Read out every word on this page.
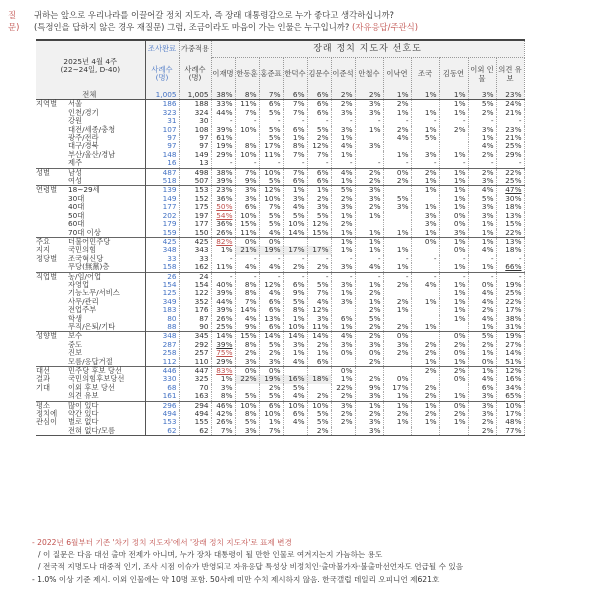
질문)
귀하는 앞으로 우리나라를 이끌어갈 정치 지도자, 즉 장래 대통령감으로 누가 좋다고 생각하십니까?
(특정인을 답하지 않은 경우 재질문) 그럼, 조금이라도 마음이 가는 인물은 누구입니까? (자유응답/주관식)
2025년 4월 4주
(22~24일, D-40)		조사완료	가중적용	장래 정치 지도자 선호도											
		사례수
(명)	사례수
(명)	이재명	한동훈	홍준표	한덕수	김문수	이준석	안철수	이낙연	조국	김동연	이외 인물	의견 유보
전체		1,005	1,005	38%	8%	7%	6%	6%	2%	2%	1%	1%	1%	3%	23%
지역별	서울	186	188	33%	11%	6%	7%	6%	2%	3%	2%		1%	5%	24%
	인천/경기	323	324	44%	7%	5%	7%	6%	3%	3%	1%	1%	1%	2%	21%
	강원	31	30	-	-	-	-	-	-	-	-	-	-	-	-
	대전/세종/충청	107	108	39%	10%	5%	6%	5%	3%	1%	2%	1%	2%	3%	23%
	광주/전라	97	97	61%		5%	1%	2%	1%		4%	5%		1%	21%
	대구/경북	97	97	19%	8%	17%	8%	12%	4%	3%				4%	25%
	부산/울산/경남	148	149	29%	10%	11%	7%	7%	1%		1%	3%	1%	2%	29%
	제주	16	13	-	-	-	-	-	-	-	-	-	-	-	-
성별	남성	487	498	38%	7%	10%	7%	6%	4%	2%	0%	2%	1%	2%	22%
	여성	518	507	39%	9%	5%	6%	6%	1%	2%	2%	1%	1%	3%	25%
연령별	18~29세	139	153	23%	3%	12%	1%	1%	5%	3%		1%	1%	4%	47%
	30대	149	152	36%	3%	10%	3%	2%	2%	3%	5%		1%	5%	30%
	40대	177	175	50%	6%	7%	4%	3%	3%	2%	3%	1%	1%	3%	18%
	50대	202	197	54%	10%	5%	5%	5%	1%	1%		3%	0%	3%	13%
	60대	179	177	36%	15%	5%	10%	12%	2%			3%	0%	1%	15%
	70대 이상	159	150	26%	11%	4%	14%	15%	1%	1%	1%	1%	3%	1%	22%
주요	더불어민주당	425	425	82%	0%	0%			1%	1%		0%	1%	1%	13%
지지	국민의힘	348	343	1%	21%	19%	17%	17%	1%	1%	1%		0%	4%	18%
정당별	조국혁신당	33	33	-	-	-	-	-	-	-	-	-	-	-	-
	무당(無黨)층	158	162	11%	4%	4%	2%	2%	3%	4%	1%		1%	1%	66%
직업별	농/임/어업	26	24	-	-	-	-	-	-	-	-	-	-	-	-
	자영업	154	154	40%	8%	12%	6%	5%	3%	1%	2%	4%	1%	0%	19%
	기능노무/서비스	125	122	39%	8%	4%	9%	7%	1%	2%			1%	4%	25%
	사무/관리	349	352	44%	7%	6%	5%	4%	3%	1%	2%	1%	1%	4%	22%
	전업주부	183	176	39%	14%	6%	8%	12%		2%	1%		1%	2%	17%
	학생	80	87	26%	4%	13%	1%	3%	6%	5%			1%	4%	38%
	무직/은퇴/기타	88	90	25%	9%	6%	10%	11%	1%	2%	2%	1%		1%	31%
성향별	보수	348	345	14%	15%	14%	14%	14%	4%	2%	0%		0%	5%	19%
	중도	287	292	39%	8%	5%	3%	2%	3%	3%	3%	2%	2%	2%	27%
	진보	258	257	75%	2%	2%	1%	1%	0%	0%	2%	2%	0%	1%	14%
	모름/응답거절	112	110	29%	3%	3%	4%	6%		2%		1%	1%	0%	51%
대선	민주당 후보 당선	446	447	83%	0%	0%			0%			2%	2%	1%	12%
결과	국민의힘후보당선	330	325	1%	22%	19%	16%	18%	1%	2%	0%		0%	4%	16%
기대	이외 후보 당선	68	70	3%		2%	5%		22%	9%	17%	2%		6%	34%
	의견 유보	161	163	8%	5%	5%	4%	2%	2%	3%	1%	2%	1%	3%	65%
평소	많이 있다	296	294	46%	10%	6%	10%	10%	3%	1%	1%	1%	0%	3%	10%
정치에	약간 있다	494	494	42%	8%	10%	6%	5%	2%	2%	2%	2%	2%	3%	17%
관심이	별로 없다	153	155	26%	5%	1%	4%	5%	2%	3%	1%	1%	1%	2%	48%
	전혀 없다/모름	62	62	7%	3%	7%		2%		3%				2%	77%
- 2022년 6월부터 기존 '차기 정치 지도자'에서 '장래 정치 지도자'로 표제 변경
/ 이 질문은 다음 대선 출마 전제가 아니며, 누가 장차 대통령이 될 만한 인물로 여겨지는지 가늠하는 용도
/ 전국적 지명도나 대중적 인기, 조사 시점 이슈가 반영되고 자유응답 특성상 비정치인·출마불가자·불출마선언자도 언급될 수 있음
- 1.0% 이상 기준 제시. 이외 인물에는 약 10명 포함. 50사례 미만 수치 제시하지 않음. 한국갤럽 데일리 오피니언 제621호
